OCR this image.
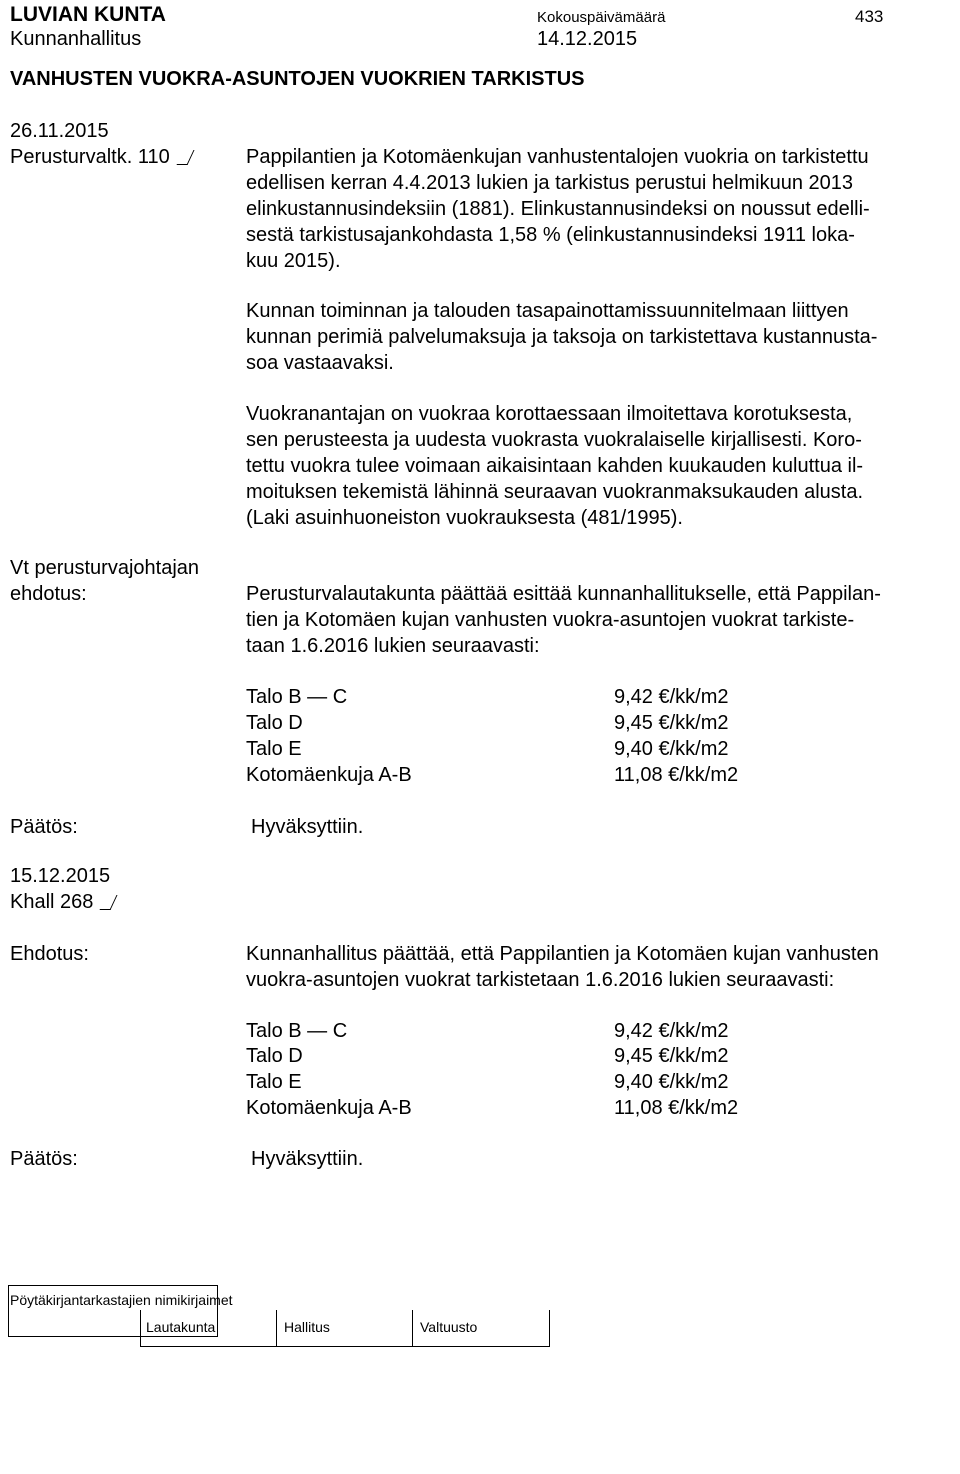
LUVIAN KUNTA
Kunnanhallitus
Kokouspäivämäärä
14.12.2015
433
VANHUSTEN VUOKRA-ASUNTOJEN VUOKRIEN TARKISTUS
26.11.2015
Perusturvaltk. 110	Pappilantien ja Kotomäenkujan vanhustentalojen vuokria on tarkistettu
edellisen kerran 4.4.2013 lukien ja tarkistus perustui helmikuun 2013
elinkustannusindeksiin (1881). Elinkustannusindeksi on noussut edelli-
sestä tarkistusajankohdasta 1,58 % (elinkustannusindeksi 1911 loka-
kuu 2015).
Kunnan toiminnan ja talouden tasapainottamissuunnitelmaan liittyen
kunnan perimiä palvelumaksuja ja taksoja on tarkistettava kustannusta-
soa vastaavaksi.
Vuokranantajan on vuokraa korottaessaan ilmoitettava korotuksesta,
sen perusteesta ja uudesta vuokrasta vuokralaiselle kirjallisesti. Koro-
tettu vuokra tulee voimaan aikaisintaan kahden kuukauden kuluttua il-
moituksen tekemistä lähinnä seuraavan vuokranmaksukauden alusta.
(Laki asuinhuoneiston vuokrauksesta (481/1995).
Vt perusturvajohtajan
ehdotus:	Perusturvalautakunta päättää esittää kunnanhallitukselle, että Pappilan-
tien ja Kotomäen kujan vanhusten vuokra-asuntojen vuokrat tarkiste-
taan 1.6.2016 lukien seuraavasti:
Talo B — C	9,42 €/kk/m2
Talo D	9,45 €/kk/m2
Talo E	9,40 €/kk/m2
Kotomäenkuja A-B	11,08 €/kk/m2
Päätös:	Hyväksyttiin.
15.12.2015
Khall 268
Ehdotus:	Kunnanhallitus päättää, että Pappilantien ja Kotomäen kujan vanhusten
vuokra-asuntojen vuokrat tarkistetaan 1.6.2016 lukien seuraavasti:
Talo B — C	9,42 €/kk/m2
Talo D	9,45 €/kk/m2
Talo E	9,40 €/kk/m2
Kotomäenkuja A-B	11,08 €/kk/m2
Päätös:	Hyväksyttiin.
Pöytäkirjantarkastajien nimikirjaimet
Lautakunta	Hallitus	Valtuusto
